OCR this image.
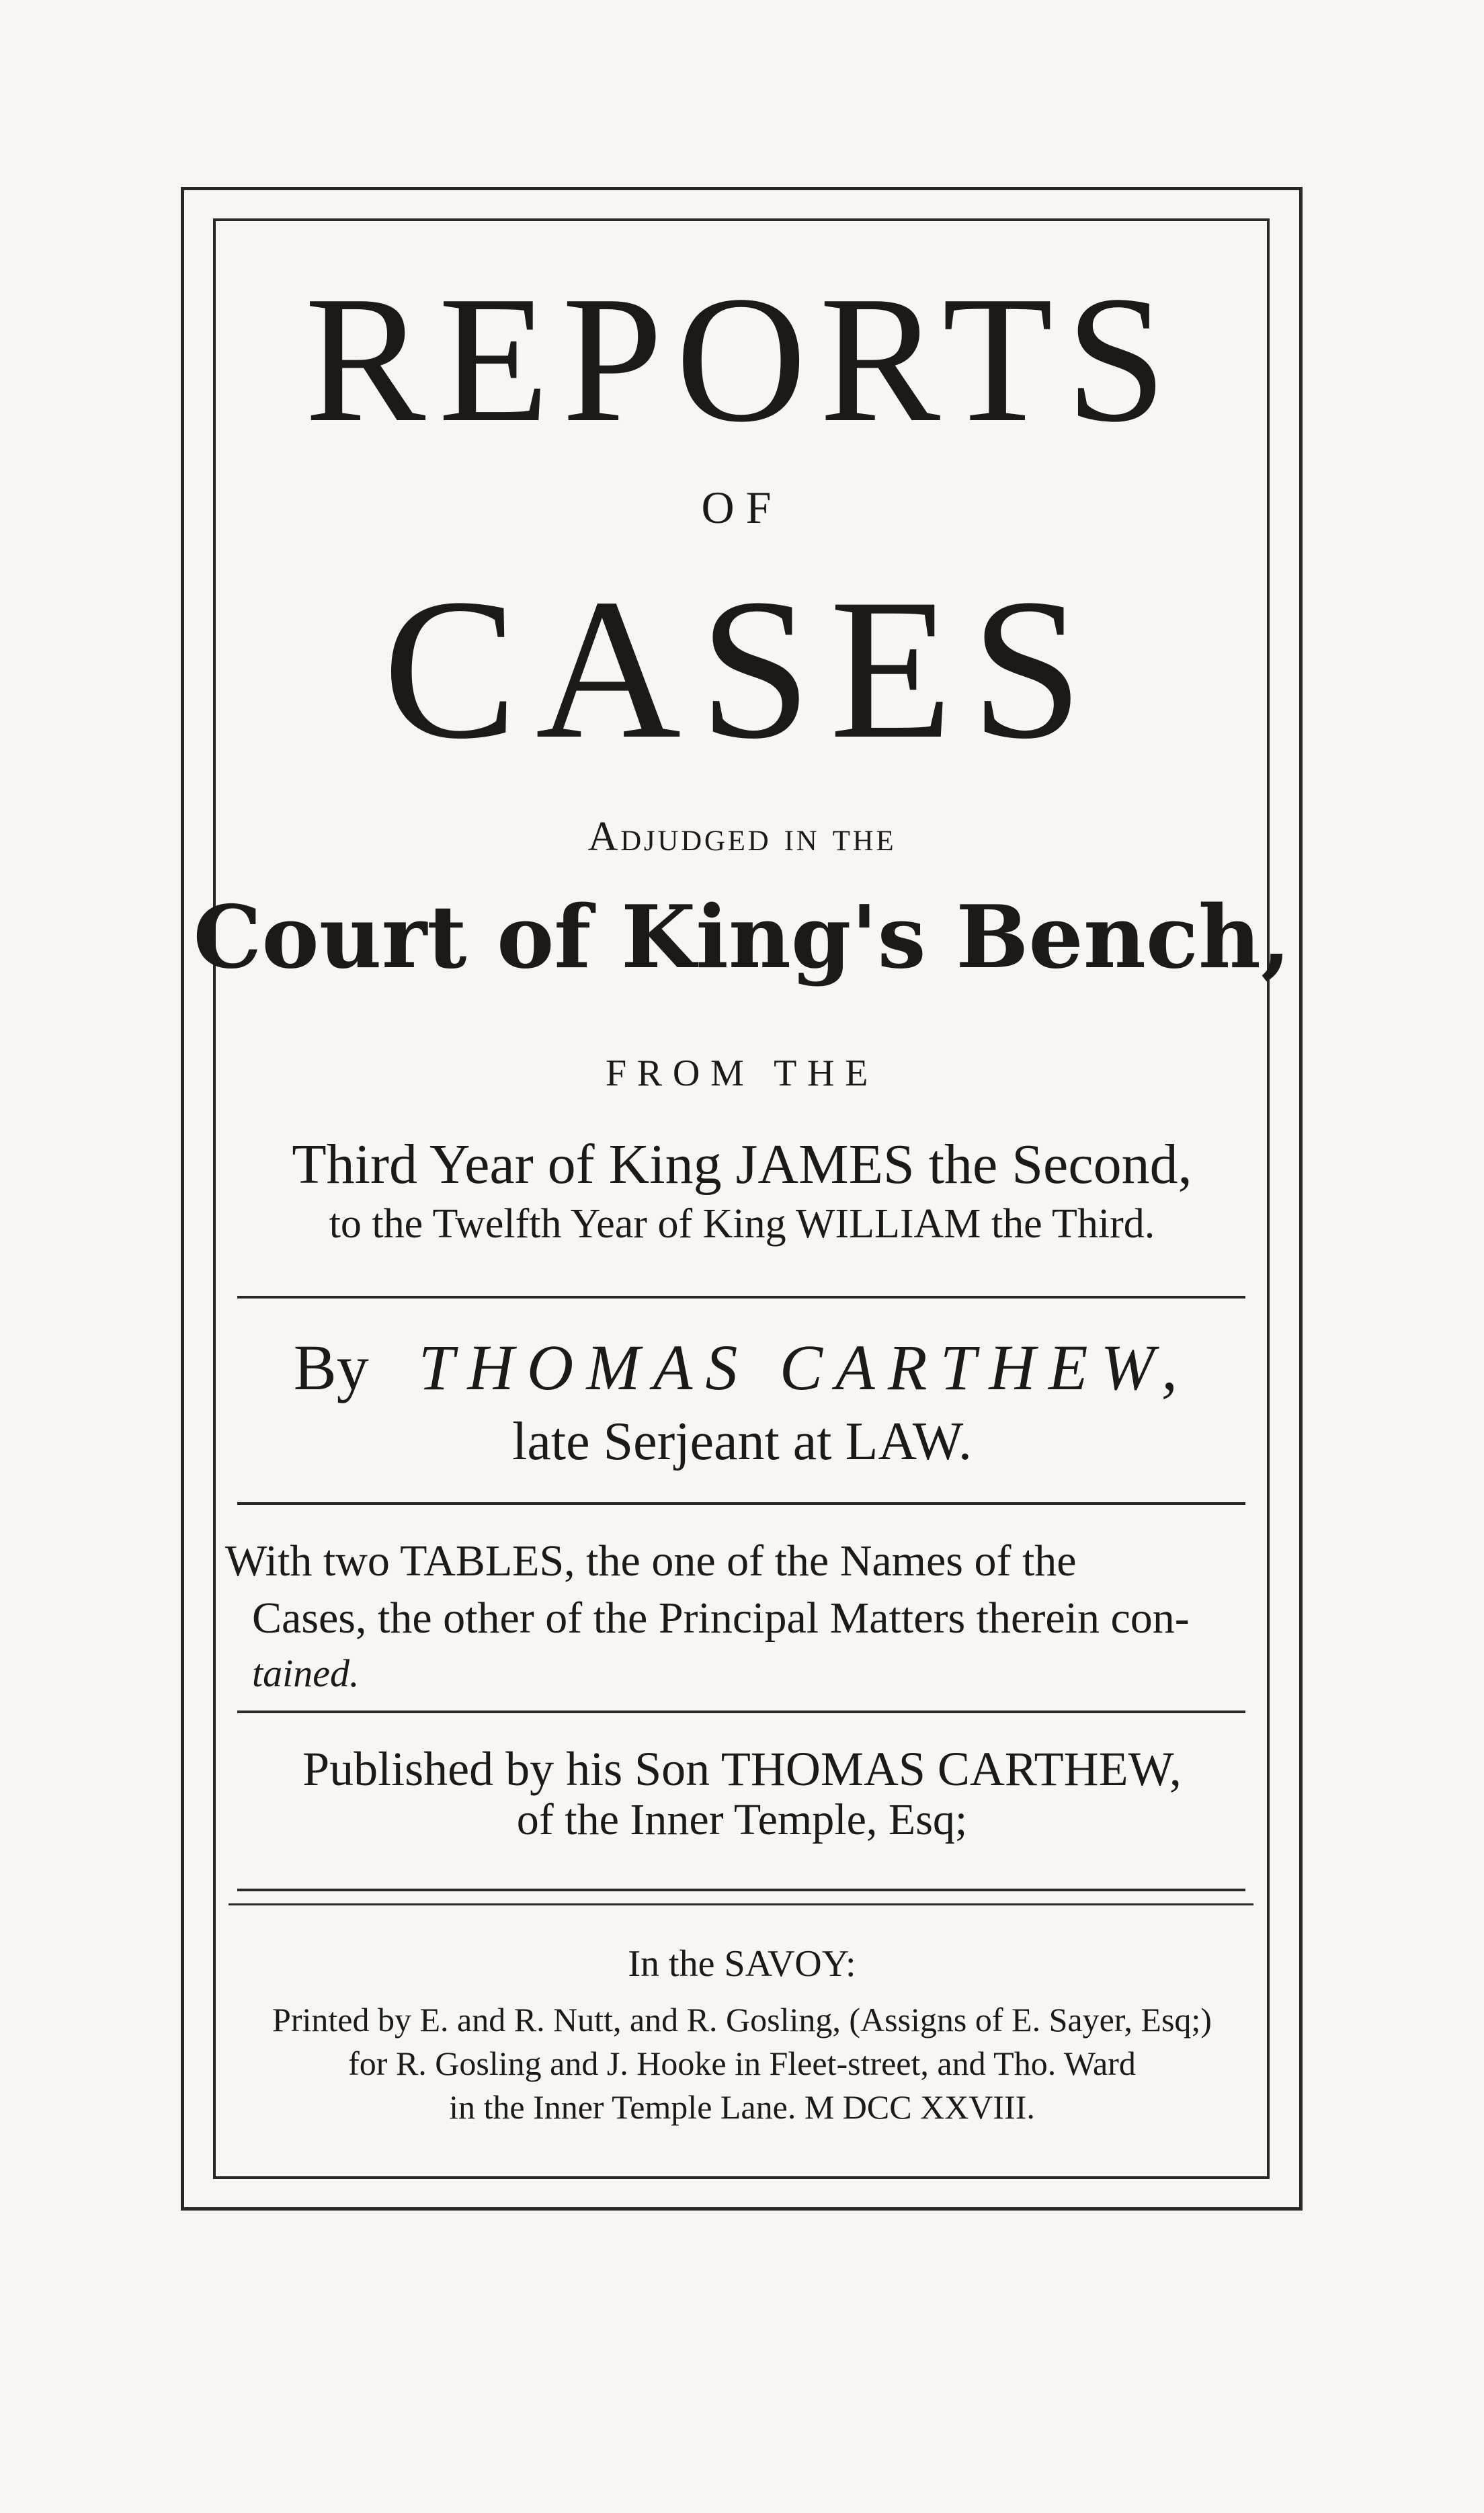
REPORTS
OF
CASES
Adjudged in the
Court of King's Bench,
FROM THE
Third Year of King JAMES the Second,
to the Twelfth Year of King WILLIAM the Third.
By THOMAS CARTHEW,
late Serjeant at LAW.
With two TABLES, the one of the Names of the
Cases, the other of the Principal Matters therein con-
tained.
Published by his Son THOMAS CARTHEW,
of the Inner Temple, Esq;
In the SAVOY:
Printed by E. and R. Nutt, and R. Gosling, (Assigns of E. Sayer, Esq;)
for R. Gosling and J. Hooke in Fleet-street, and Tho. Ward
in the Inner Temple Lane. M DCC XXVIII.
